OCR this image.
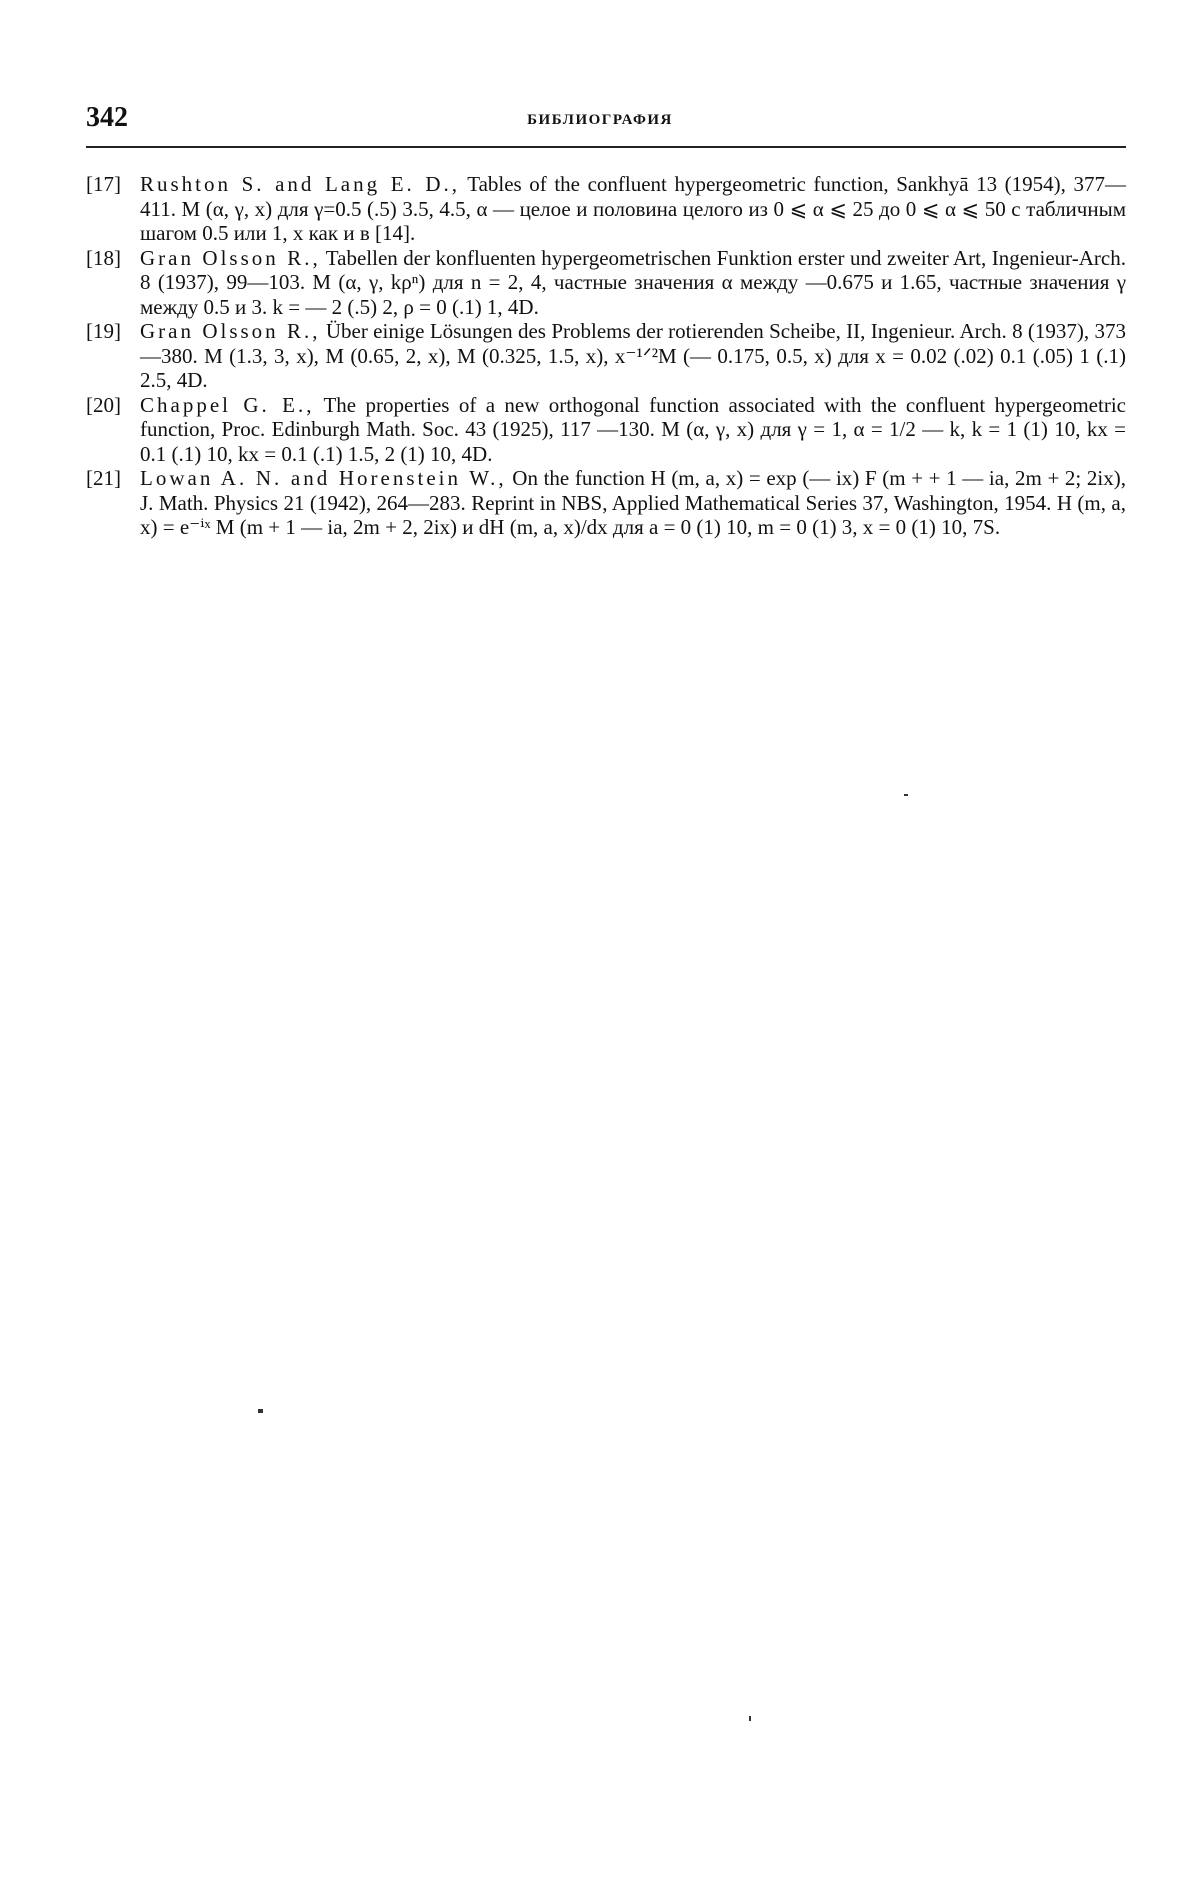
342	БИБЛИОГРАФИЯ
[17] Rushton S. and Lang E. D., Tables of the confluent hypergeometric function, Sankhyā 13 (1954), 377—411. M (α, γ, x) для γ=0.5 (.5) 3.5, 4.5, α — целое и половина целого из 0 ⩽ α ⩽ 25 до 0 ⩽ α ⩽ 50 с табличным шагом 0.5 или 1, x как и в [14].
[18] Gran Olsson R., Tabellen der konfluenten hypergeometrischen Funktion erster und zweiter Art, Ingenieur-Arch. 8 (1937), 99—103. M (α, γ, kρⁿ) для n = 2, 4, частные значения α между —0.675 и 1.65, частные значения γ между 0.5 и 3. k = — 2 (.5) 2, ρ = 0 (.1) 1, 4D.
[19] Gran Olsson R., Über einige Lösungen des Problems der rotierenden Scheibe, II, Ingenieur. Arch. 8 (1937), 373—380. M (1.3, 3, x), M (0.65, 2, x), M (0.325, 1.5, x), x⁻¹ᐟ²M (— 0.175, 0.5, x) для x = 0.02 (.02) 0.1 (.05) 1 (.1) 2.5, 4D.
[20] Chappel G. E., The properties of a new orthogonal function associated with the confluent hypergeometric function, Proc. Edinburgh Math. Soc. 43 (1925), 117 —130. M (α, γ, x) для γ = 1, α = 1/2 — k, k = 1 (1) 10, kx = 0.1 (.1) 10, kx = 0.1 (.1) 1.5, 2 (1) 10, 4D.
[21] Lowan A. N. and Horenstein W., On the function H (m, a, x) = exp (— ix) F (m + + 1 — ia, 2m + 2; 2ix), J. Math. Physics 21 (1942), 264—283. Reprint in NBS, Applied Mathematical Series 37, Washington, 1954. H (m, a, x) = e⁻ⁱˣ M (m + 1 — ia, 2m + 2, 2ix) и dH (m, a, x)/dx для a = 0 (1) 10, m = 0 (1) 3, x = 0 (1) 10, 7S.
